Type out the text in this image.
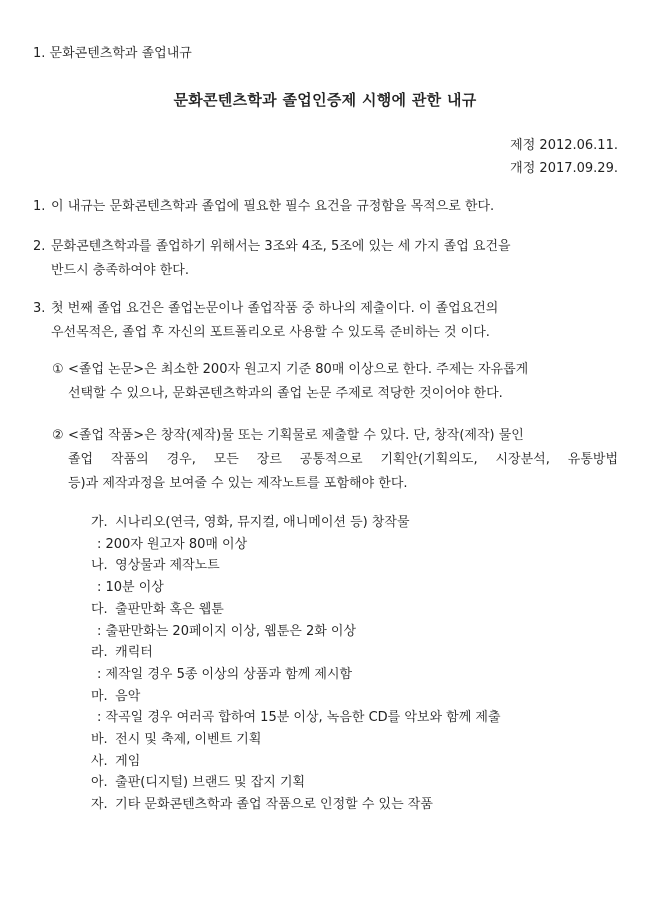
1. 문화콘텐츠학과 졸업내규
문화콘텐츠학과 졸업인증제 시행에 관한 내규
제정 2012.06.11.
개정 2017.09.29.
1. 이 내규는 문화콘텐츠학과 졸업에 필요한 필수 요건을 규정함을 목적으로 한다.
2. 문화콘텐츠학과를 졸업하기 위해서는 3조와 4조, 5조에 있는 세 가지 졸업 요건을
반드시 충족하여야 한다.
3. 첫 번째 졸업 요건은 졸업논문이나 졸업작품 중 하나의 제출이다. 이 졸업요건의
우선목적은, 졸업 후 자신의 포트폴리오로 사용할 수 있도록 준비하는 것 이다.
① <졸업 논문>은 최소한 200자 원고지 기준 80매 이상으로 한다. 주제는 자유롭게
선택할 수 있으나, 문화콘텐츠학과의 졸업 논문 주제로 적당한 것이어야 한다.
② <졸업 작품>은 창작(제작)물 또는 기획물로 제출할 수 있다. 단, 창작(제작) 물인
졸업 작품의 경우, 모든 장르 공통적으로 기획안(기획의도, 시장분석, 유통방법
등)과 제작과정을 보여줄 수 있는 제작노트를 포함해야 한다.
가. 시나리오(연극, 영화, 뮤지컬, 애니메이션 등) 창작물
: 200자 원고자 80매 이상
나. 영상물과 제작노트
: 10분 이상
다. 출판만화 혹은 웹툰
: 출판만화는 20페이지 이상, 웹툰은 2화 이상
라. 캐릭터
: 제작일 경우 5종 이상의 상품과 함께 제시함
마. 음악
: 작곡일 경우 여러곡 합하여 15분 이상, 녹음한 CD를 악보와 함께 제출
바. 전시 및 축제, 이벤트 기획
사. 게임
아. 출판(디지털) 브랜드 및 잡지 기획
자. 기타 문화콘텐츠학과 졸업 작품으로 인정할 수 있는 작품
